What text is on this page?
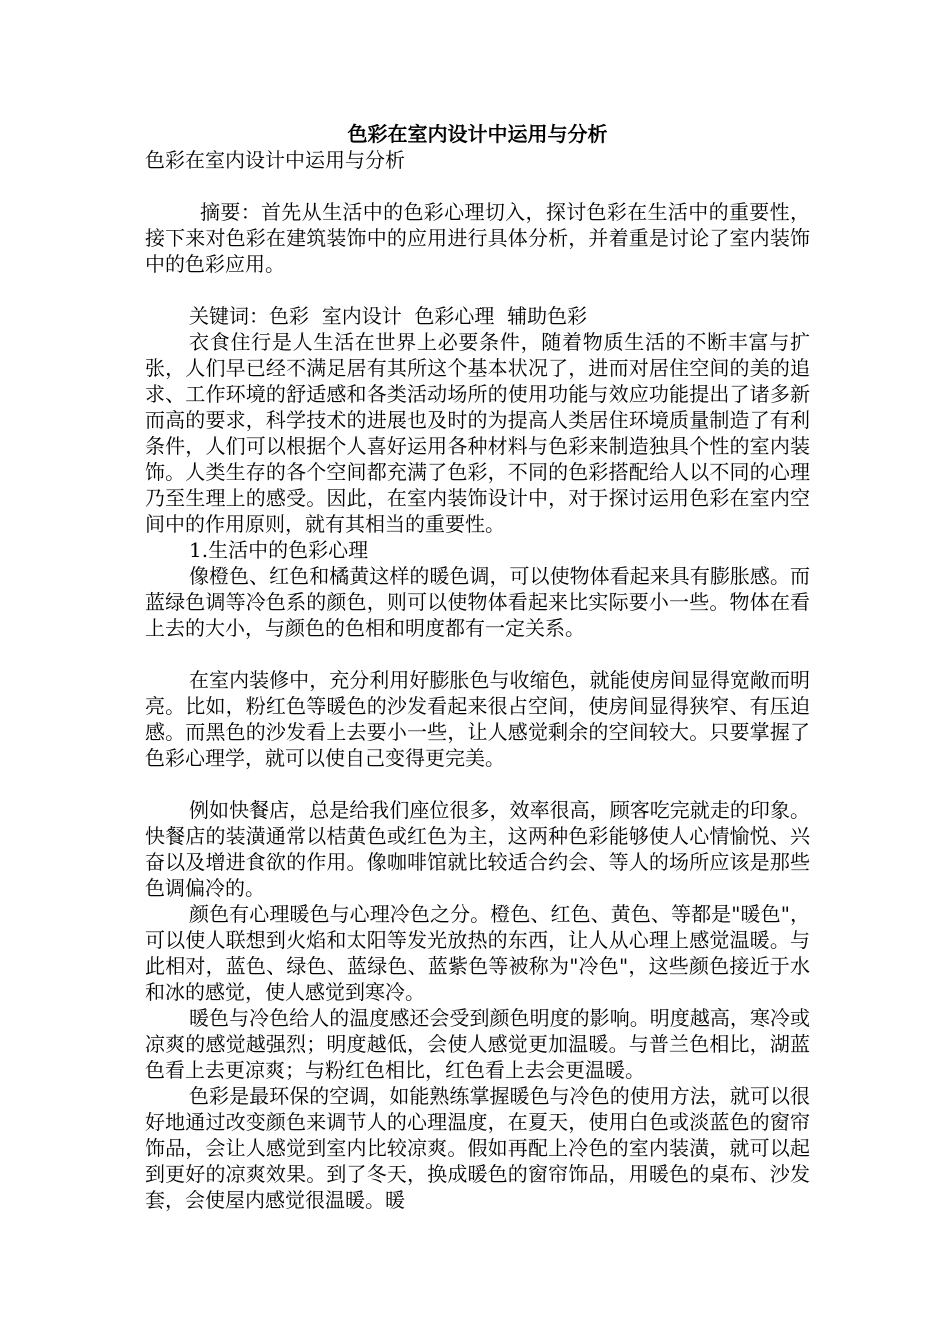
色彩在室内设计中运用与分析

色彩在室内设计中运用与分析

摘要：首先从生活中的色彩心理切入，探讨色彩在生活中的重要性，接下来对色彩在建筑装饰中的应用进行具体分析，并着重是讨论了室内装饰中的色彩应用。

关键词：色彩  室内设计  色彩心理  辅助色彩

衣食住行是人生活在世界上必要条件，随着物质生活的不断丰富与扩张，人们早已经不满足居有其所这个基本状况了，进而对居住空间的美的追求、工作环境的舒适感和各类活动场所的使用功能与效应功能提出了诸多新而高的要求，科学技术的进展也及时的为提高人类居住环境质量制造了有利条件，人们可以根据个人喜好运用各种材料与色彩来制造独具个性的室内装饰。人类生存的各个空间都充满了色彩，不同的色彩搭配给人以不同的心理乃至生理上的感受。因此，在室内装饰设计中，对于探讨运用色彩在室内空间中的作用原则，就有其相当的重要性。

1.生活中的色彩心理

像橙色、红色和橘黄这样的暖色调，可以使物体看起来具有膨胀感。而蓝绿色调等冷色系的颜色，则可以使物体看起来比实际要小一些。物体在看上去的大小，与颜色的色相和明度都有一定关系。

在室内装修中，充分利用好膨胀色与收缩色，就能使房间显得宽敞而明亮。比如，粉红色等暖色的沙发看起来很占空间，使房间显得狭窄、有压迫感。而黑色的沙发看上去要小一些，让人感觉剩余的空间较大。只要掌握了色彩心理学，就可以使自己变得更完美。

例如快餐店，总是给我们座位很多，效率很高，顾客吃完就走的印象。快餐店的装潢通常以桔黄色或红色为主，这两种色彩能够使人心情愉悦、兴奋以及增进食欲的作用。像咖啡馆就比较适合约会、等人的场所应该是那些色调偏冷的。

颜色有心理暖色与心理冷色之分。橙色、红色、黄色、等都是"暖色"，可以使人联想到火焰和太阳等发光放热的东西，让人从心理上感觉温暖。与此相对，蓝色、绿色、蓝绿色、蓝紫色等被称为"冷色"，这些颜色接近于水和冰的感觉，使人感觉到寒冷。

暖色与冷色给人的温度感还会受到颜色明度的影响。明度越高，寒冷或凉爽的感觉越强烈；明度越低，会使人感觉更加温暖。与普兰色相比，湖蓝色看上去更凉爽；与粉红色相比，红色看上去会更温暖。

色彩是最环保的空调，如能熟练掌握暖色与冷色的使用方法，就可以很好地通过改变颜色来调节人的心理温度，在夏天，使用白色或淡蓝色的窗帘饰品，会让人感觉到室内比较凉爽。假如再配上冷色的室内装潢，就可以起到更好的凉爽效果。到了冬天，换成暖色的窗帘饰品，用暖色的桌布、沙发套，会使屋内感觉很温暖。暖
